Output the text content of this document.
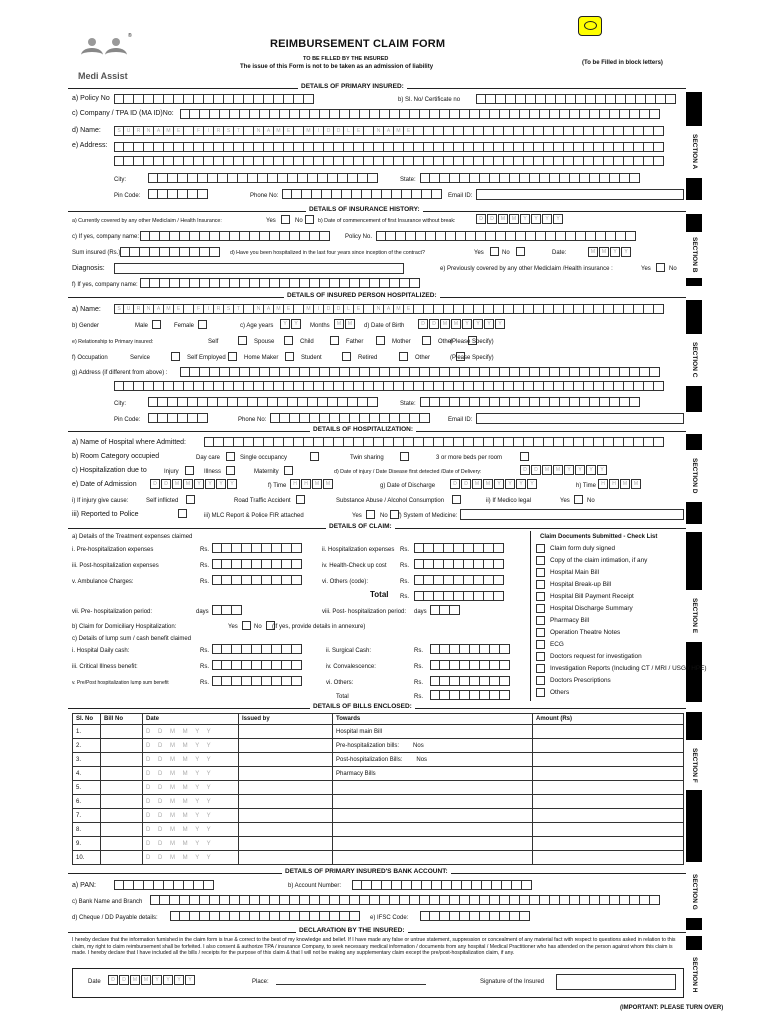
®
Medi Assist
REIMBURSEMENT CLAIM FORM
TO BE FILLED BY THE INSURED
The issue of this Form is not to be taken as an admission of liability
(To be Filled in block letters)
DETAILS OF PRIMARY INSURED:
SECTION A
a) Policy No	b) Sl. No/ Certificate no
c) Company / TPA ID (MA ID)No:
d) Name:	S	U	R	N	A	M	E	F	I	R	S	T	N	A	M	E	M	I	D	D	L	E	N	A	M	E
e) Address:
City:	State:
Pin Code:	Phone No:	Email ID:
DETAILS OF INSURANCE HISTORY:
SECTION B
a) Currently covered by any other Mediclaim / Health Insurance:	Yes	No	b) Date of commencement of first Insurance without break:	D	D	M	M	Y	Y	Y	Y
c) If yes, company name:	Policy No.
Sum insured (Rs.)	d) Have you been hospitalized in the last four years since inception of the contract?	Yes	No	Date:	M	M	Y	Y
Diagnosis:	e) Previously covered by any other Mediclaim /Health insurance :	Yes	No
f) If yes, company name:
DETAILS OF INSURED PERSON HOSPITALIZED:
SECTION C
a) Name:	S	U	R	N	A	M	E	F	I	R	S	T	N	A	M	E	M	I	D	D	L	E	N	A	M	E
b) Gender	Male	Female	c) Age years	Y	Y	Months	M	M	d) Date of Birth	D	D	M	M	Y	Y	Y	Y
e) Relationship to Primary insured:	Self	Spouse	Child	Father	Mother	Other
(Please Specify)
f) Occupation	Service	Self Employed	Home Maker	Student	Retired	Other	(Please Specify)
g) Address (if different from above) :
City:	State:
Pin Code:	Phone No:	Email ID:
DETAILS OF HOSPITALIZATION:
SECTION D
a) Name of Hospital where Admitted:
b) Room Category occupied	Day care	Single occupancy	Twin sharing	3 or more beds per room
c) Hospitalization due to	Injury	Illness	Maternity	d) Date of injury / Date Disease first detected /Date of Delivery:	D	D	M	M	Y	Y	Y	Y
e) Date of Admission	D	D	M	M	Y	Y	Y	Y	f) Time	H	H	M	M	g) Date of Discharge	D	D	M	M	Y	Y	Y	Y	h) Time	H	H	M	M
i) If injury give cause:	Self inflicted	Road Traffic Accident	Substance Abuse / Alcohol Consumption	ii) If Medico legal	Yes	No
iii) Reported to Police	iii) MLC Report & Police FIR attached	Yes	No f) System of Medicine:
DETAILS OF CLAIM:
SECTION E
a) Details of the Treatment expenses claimed
i. Pre-hospitalization expenses	Rs.
iii. Post-hospitalization expenses	Rs.
v. Ambulance Charges:	Rs.
ii. Hospitalization expenses Rs.
iv. Health-Check up cost Rs.
vi. Others (code):	Rs.
Total Rs.
vii. Pre- hospitalization period:	days	viii. Post- hospitalization period: days
b) Claim for Domiciliary Hospitalization:	Yes	No (If yes, provide details in annexure)
c) Details of lump sum / cash benefit claimed
i. Hospital Daily cash:	Rs.
iii. Critical Illness benefit:	Rs.
v. Pre/Post hospitalization lump sum benefit	Rs.
ii. Surgical Cash:	Rs.
iv. Convalescence:	Rs.
vi. Others:	Rs.
Total	Rs.
Claim Documents Submitted - Check List
Claim form duly signed
Copy of the claim intimation, if any
Hospital Main Bill
Hospital Break-up Bill
Hospital Bill Payment Receipt
Hospital Discharge Summary
Pharmacy Bill
Operation Theatre Notes
ECG
Doctors request for investigation
Investigation Reports (Including CT / MRI / USG / HPE)
Doctors Prescriptions
Others
DETAILS OF BILLS ENCLOSED:
SECTION F
Sl. No	Bill No	Date	Issued by	Towards	Amount (Rs)
1.		D D M M Y Y		Hospital main Bill	
2.		D D M M Y Y		Pre-hospitalization bills: Nos	
3.		D D M M Y Y		Post-hospitalization Bills: Nos	
4.		D D M M Y Y		Pharmacy Bills	
5.		D D M M Y Y			
6.		D D M M Y Y			
7.		D D M M Y Y			
8.		D D M M Y Y			
9.		D D M M Y Y			
10.		D D M M Y Y			
DETAILS OF PRIMARY INSURED'S BANK ACCOUNT:
SECTION G
a) PAN:	b) Account Number:
c) Bank Name and Branch
d) Cheque / DD Payable details:	e) IFSC Code:
DECLARATION BY THE INSURED:
SECTION H
I hereby declare that the information furnished in the claim form is true & correct to the best of my knowledge and belief. If I have made any false or untrue statement, suppression or concealment of any material fact with respect to questions asked in relation to this claim, my right to claim reimbursement shall be forfeited. I also consent & authorize TPA / insurance Company, to seek necessary medical information / documents from any hospital / Medical Practitioner who has attended on the person against whom this claim is made. I hereby declare that I have included all the bills / receipts for the purpose of this claim & that I will not be making any supplementary claim except the pre/post-hospitalization claim, if any.
Date	D	D	M	M	Y	Y	Y	Y	Place:	Signature of the Insured
(IMPORTANT: PLEASE TURN OVER)
